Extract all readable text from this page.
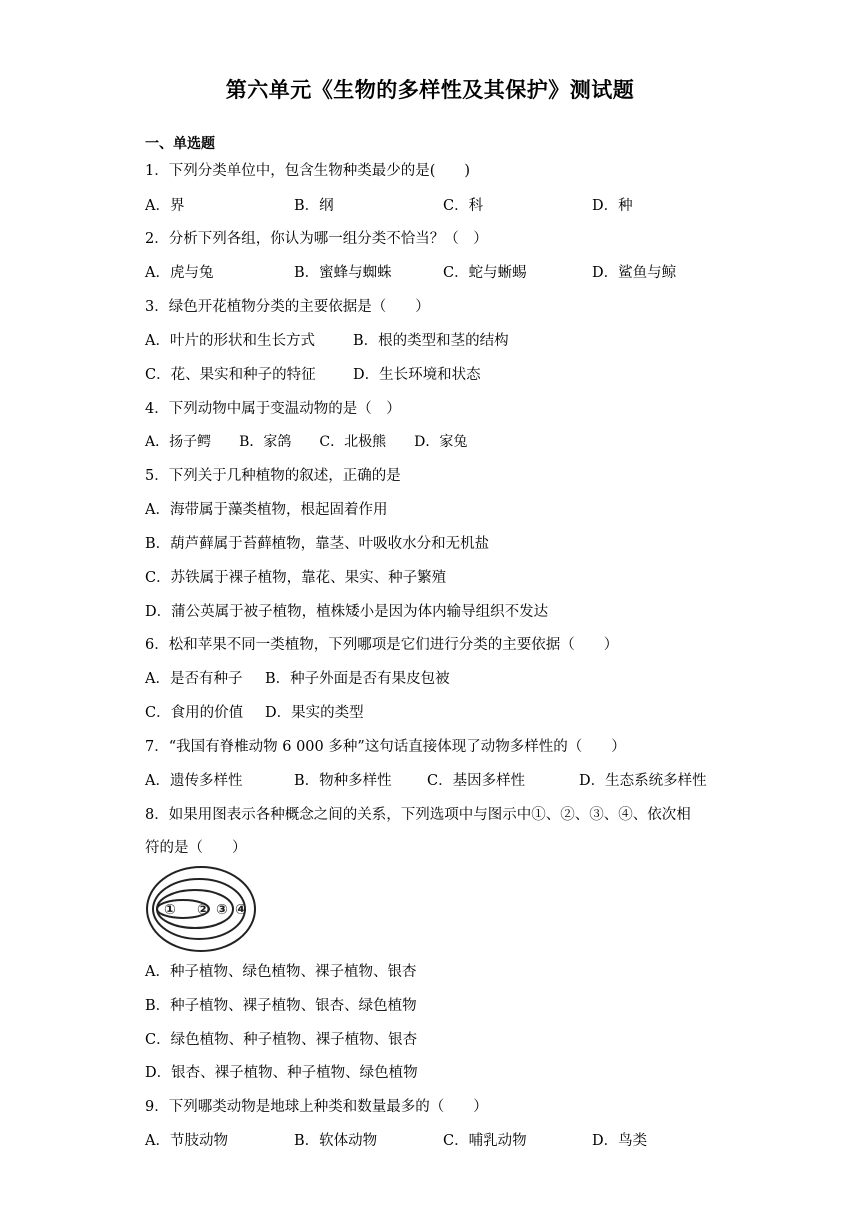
第六单元《生物的多样性及其保护》测试题
一、单选题
1．下列分类单位中，包含生物种类最少的是(　　)
A．界	B．纲	C．科	D．种
2．分析下列各组，你认为哪一组分类不恰当？（　）
A．虎与兔	B．蜜蜂与蜘蛛	C．蛇与蜥蜴	D．鲨鱼与鲸
3．绿色开花植物分类的主要依据是（　　）
A．叶片的形状和生长方式	B．根的类型和茎的结构
C．花、果实和种子的特征	D．生长环境和状态
4．下列动物中属于变温动物的是（　）
A．扬子鳄　　B．家鸽　　C．北极熊　　D．家兔
5．下列关于几种植物的叙述，正确的是
A．海带属于藻类植物，根起固着作用
B．葫芦藓属于苔藓植物，靠茎、叶吸收水分和无机盐
C．苏铁属于裸子植物，靠花、果实、种子繁殖
D．蒲公英属于被子植物，植株矮小是因为体内输导组织不发达
6．松和苹果不同一类植物，下列哪项是它们进行分类的主要依据（　　）
A．是否有种子 B．种子外面是否有果皮包被
C．食用的价值 D．果实的类型
7．“我国有脊椎动物 6 000 多种”这句话直接体现了动物多样性的（　　）
A．遗传多样性	B．物种多样性 C．基因多样性	D．生态系统多样性
8．如果用图表示各种概念之间的关系，下列选项中与图示中①、②、③、④、依次相
符的是（　　）
① ② ③ ④
A．种子植物、绿色植物、裸子植物、银杏
B．种子植物、裸子植物、银杏、绿色植物
C．绿色植物、种子植物、裸子植物、银杏
D．银杏、裸子植物、种子植物、绿色植物
9．下列哪类动物是地球上种类和数量最多的（　　）
A．节肢动物	B．软体动物	C．哺乳动物	D．鸟类
